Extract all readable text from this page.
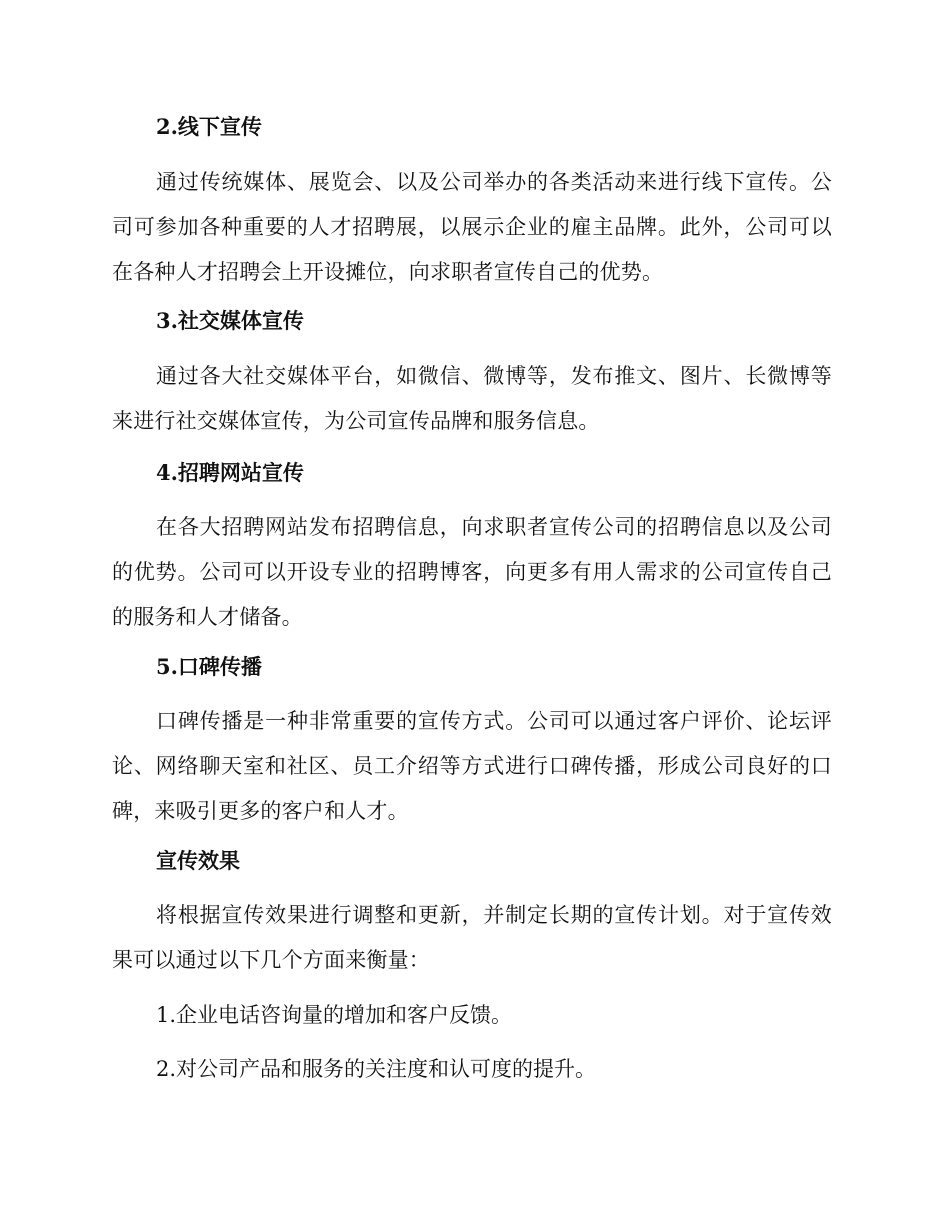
2.线下宣传
通过传统媒体、展览会、以及公司举办的各类活动来进行线下宣传。公司可参加各种重要的人才招聘展，以展示企业的雇主品牌。此外，公司可以在各种人才招聘会上开设摊位，向求职者宣传自己的优势。
3.社交媒体宣传
通过各大社交媒体平台，如微信、微博等，发布推文、图片、长微博等来进行社交媒体宣传，为公司宣传品牌和服务信息。
4.招聘网站宣传
在各大招聘网站发布招聘信息，向求职者宣传公司的招聘信息以及公司的优势。公司可以开设专业的招聘博客，向更多有用人需求的公司宣传自己的服务和人才储备。
5.口碑传播
口碑传播是一种非常重要的宣传方式。公司可以通过客户评价、论坛评论、网络聊天室和社区、员工介绍等方式进行口碑传播，形成公司良好的口碑，来吸引更多的客户和人才。
宣传效果
将根据宣传效果进行调整和更新，并制定长期的宣传计划。对于宣传效果可以通过以下几个方面来衡量：
1.企业电话咨询量的增加和客户反馈。
2.对公司产品和服务的关注度和认可度的提升。
